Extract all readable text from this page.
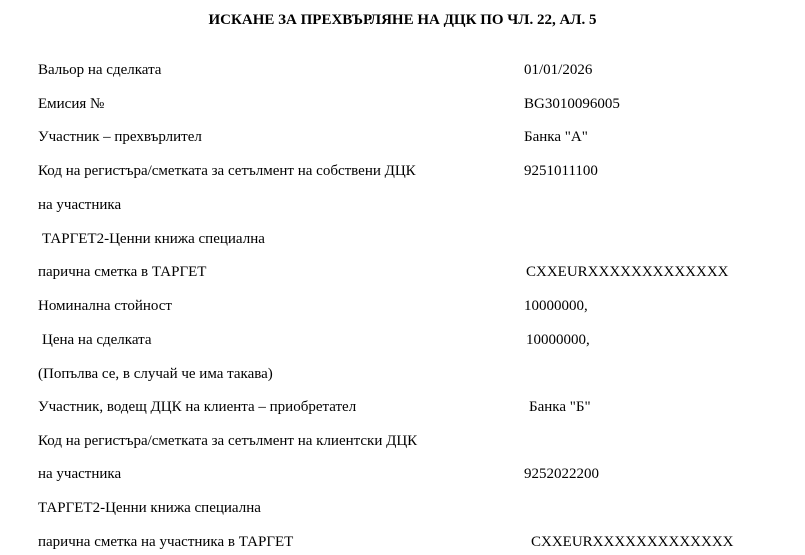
ИСКАНЕ ЗА ПРЕХВЪРЛЯНЕ НА ДЦК ПО ЧЛ. 22, АЛ. 5
Вальор на сделката	01/01/2026
Емисия №	BG3010096005
Участник – прехвърлител	Банка "А"
Код на регистъра/сметката за сетълмент на собствени ДЦК	9251011100
на участника
ТАРГЕТ2-Ценни книжа специална
парична сметка в ТАРГЕТ	CXXEURXXXXXXXXXXXXX
Номинална стойност	10000000,
Цена на сделката	10000000,
(Попълва се, в случай че има такава)
Участник, водещ ДЦК на клиента – приобретател	Банка "Б"
Код на регистъра/сметката за сетълмент на клиентски ДЦК
на участника	9252022200
ТАРГЕТ2-Ценни книжа специална
парична сметка на участника в ТАРГЕТ	CXXEURXXXXXXXXXXXXX
